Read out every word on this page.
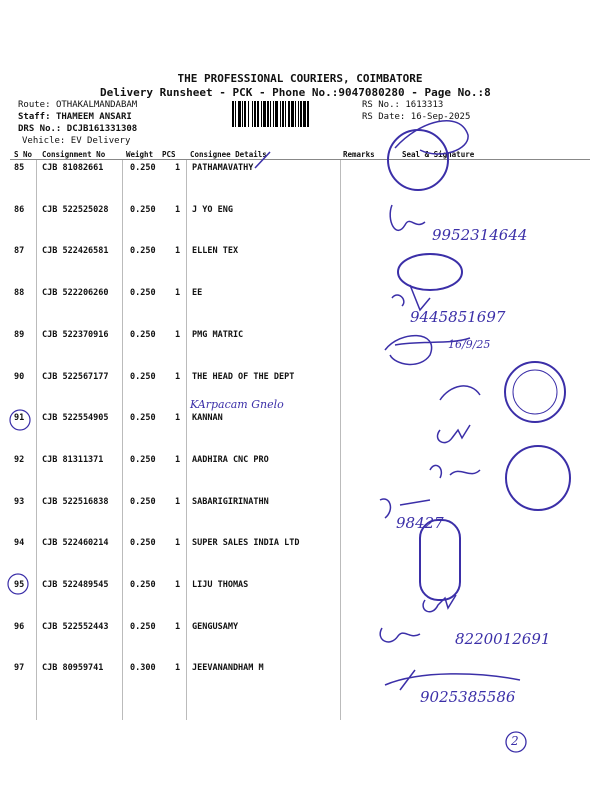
THE PROFESSIONAL COURIERS, COIMBATORE
Delivery Runsheet - PCK - Phone No.:9047080280 - Page No.:8
Route: OTHAKALMANDABAM
Staff: THAMEEM ANSARI
DRS No.: DCJB161331308
Vehicle: EV Delivery
RS No.: 1613313
RS Date: 16-Sep-2025
S No Consignment No	Weight PCS Consignee Details	Remarks	Seal & Signature
85 CJB 81082661	0.250 1 PATHAMAVATHY
86 CJB 522525028	0.250 1 J YO ENG
87 CJB 522426581	0.250 1 ELLEN TEX
88 CJB 522206260	0.250 1 EE
89 CJB 522370916	0.250 1 PMG MATRIC
90 CJB 522567177	0.250 1 THE HEAD OF THE DEPT
91 CJB 522554905	0.250 1 KANNAN
92 CJB 81311371	0.250 1 AADHIRA CNC PRO
93 CJB 522516838	0.250 1 SABARIGIRINATHN
94 CJB 522460214	0.250 1 SUPER SALES INDIA LTD
95 CJB 522489545	0.250 1 LIJU THOMAS
96 CJB 522552443	0.250 1 GENGUSAMY
97 CJB 80959741	0.300 1 JEEVANANDHAM M
9952314644
9445851697
16/9/25
KArpacam Gnelo
98427
8220012691
9025385586
2
